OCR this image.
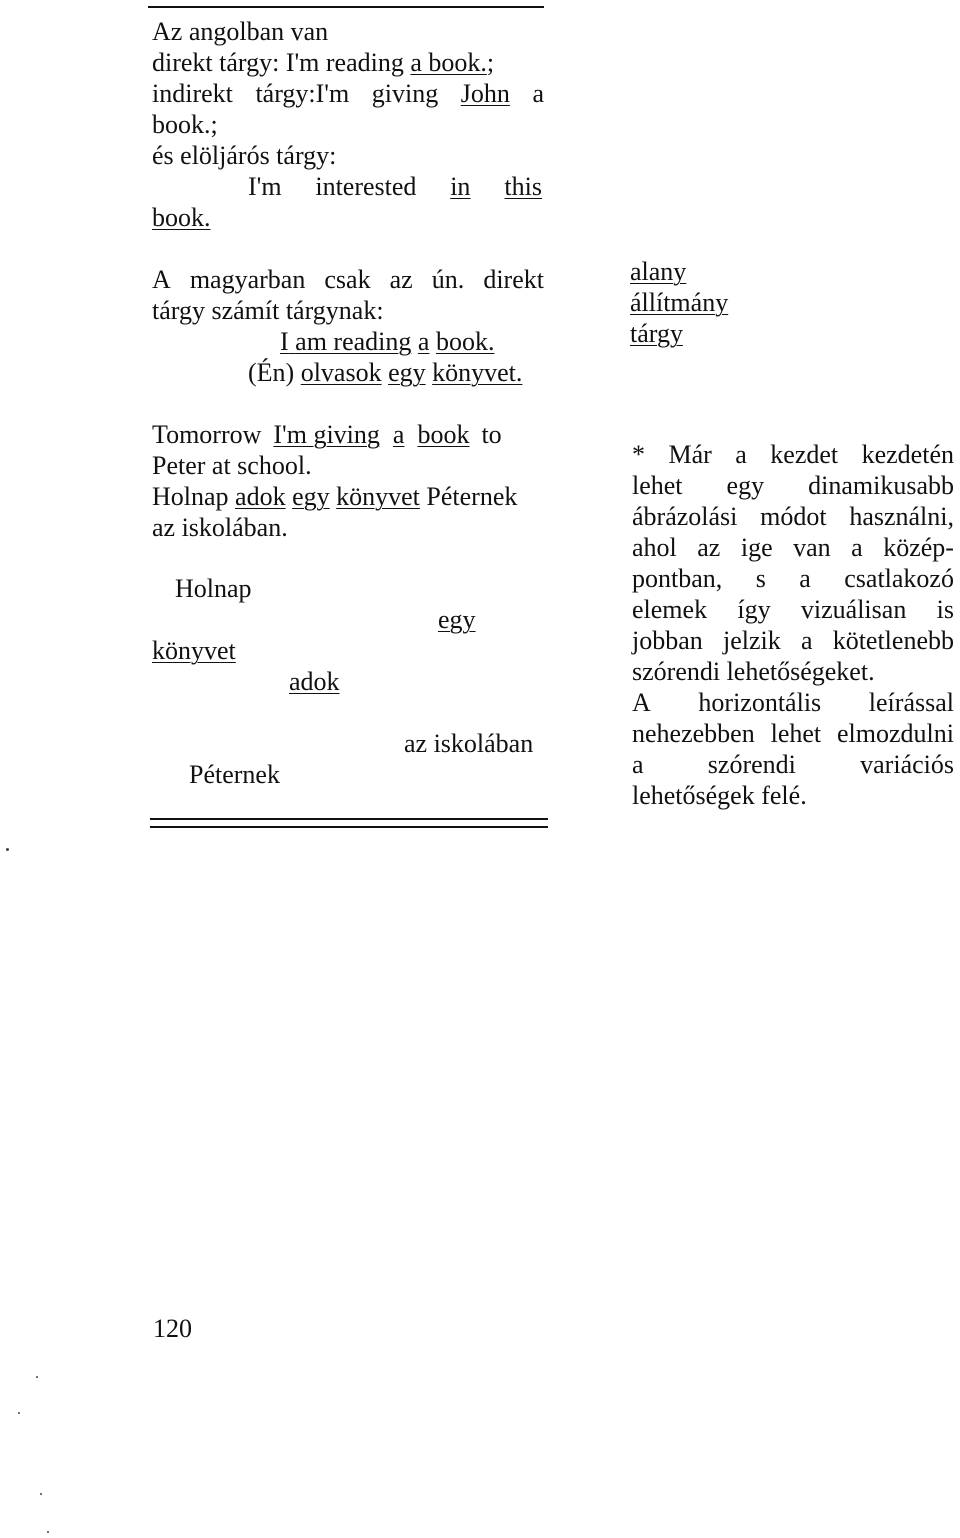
Az angolban van
direkt tárgy: I'm reading a book.;
indirekt tárgy:I'm giving John a
book.;
és elöljárós tárgy:
I'm interested in this
book.
A magyarban csak az ún. direkt
tárgy számít tárgynak:
I am reading a book.
(Én) olvasok egy könyvet.
Tomorrow I'm giving a book to
Peter at school.
Holnap adok egy könyvet Péternek
az iskolában.
Holnap
egy
könyvet
adok
az iskolában
Péternek
alany
állítmány
tárgy
* Már a kezdet kezdetén
lehet egy dinamikusabb
ábrázolási módot használni,
ahol az ige van a közép-
pontban, s a csatlakozó
elemek így vizuálisan is
jobban jelzik a kötetlenebb
szórendi lehetőségeket.
A horizontális leírással
nehezebben lehet elmozdulni
a szórendi variációs
lehetőségek felé.
120
